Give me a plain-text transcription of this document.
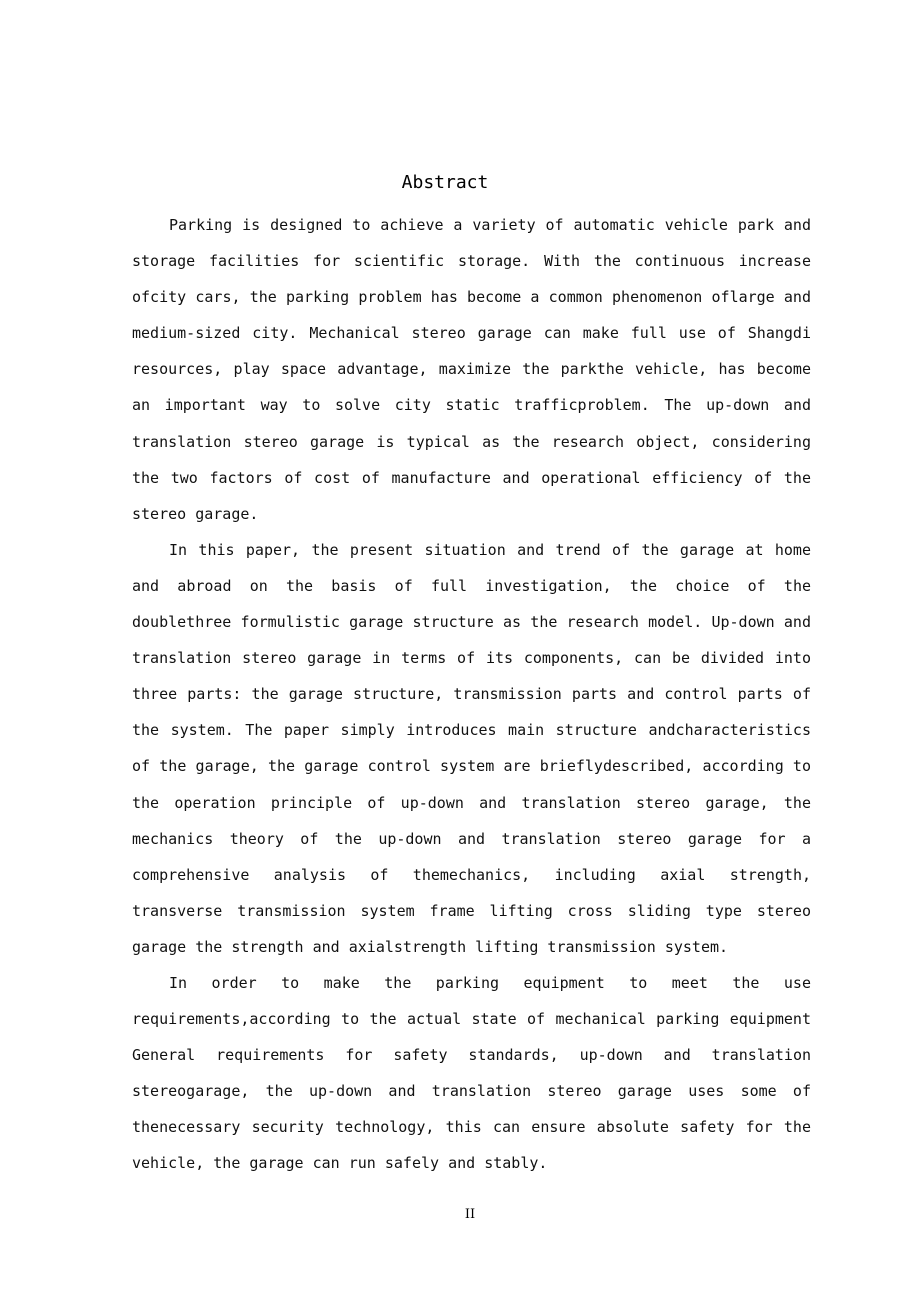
Abstract

Parking is designed to achieve a variety of automatic vehicle park and storage facilities for scientific storage. With the continuous increase ofcity cars, the parking problem has become a common phenomenon oflarge and medium-sized city. Mechanical stereo garage can make full use of Shangdi resources, play space advantage, maximize the parkthe vehicle, has become an important way to solve city static trafficproblem. The up-down and translation stereo garage is typical as the research object, considering the two factors of cost of manufacture and operational efficiency of the stereo garage.

In this paper, the present situation and trend of the garage at home and abroad on the basis of full investigation, the choice of the doublethree formulistic garage structure as the research model. Up-down and translation stereo garage in terms of its components, can be divided into three parts: the garage structure, transmission parts and control parts of the system. The paper simply introduces main structure andcharacteristics of the garage, the garage control system are brieflydescribed, according to the operation principle of up-down and translation stereo garage, the mechanics theory of the up-down and translation stereo garage for a comprehensive analysis of themechanics, including axial strength, transverse transmission system frame lifting cross sliding type stereo garage the strength and axialstrength lifting transmission system.

In order to make the parking equipment to meet the use requirements,according to the actual state of mechanical parking equipment General requirements for safety standards, up-down and translation stereogarage, the up-down and translation stereo garage uses some of thenecessary security technology, this can ensure absolute safety for the vehicle, the garage can run safely and stably.

II
